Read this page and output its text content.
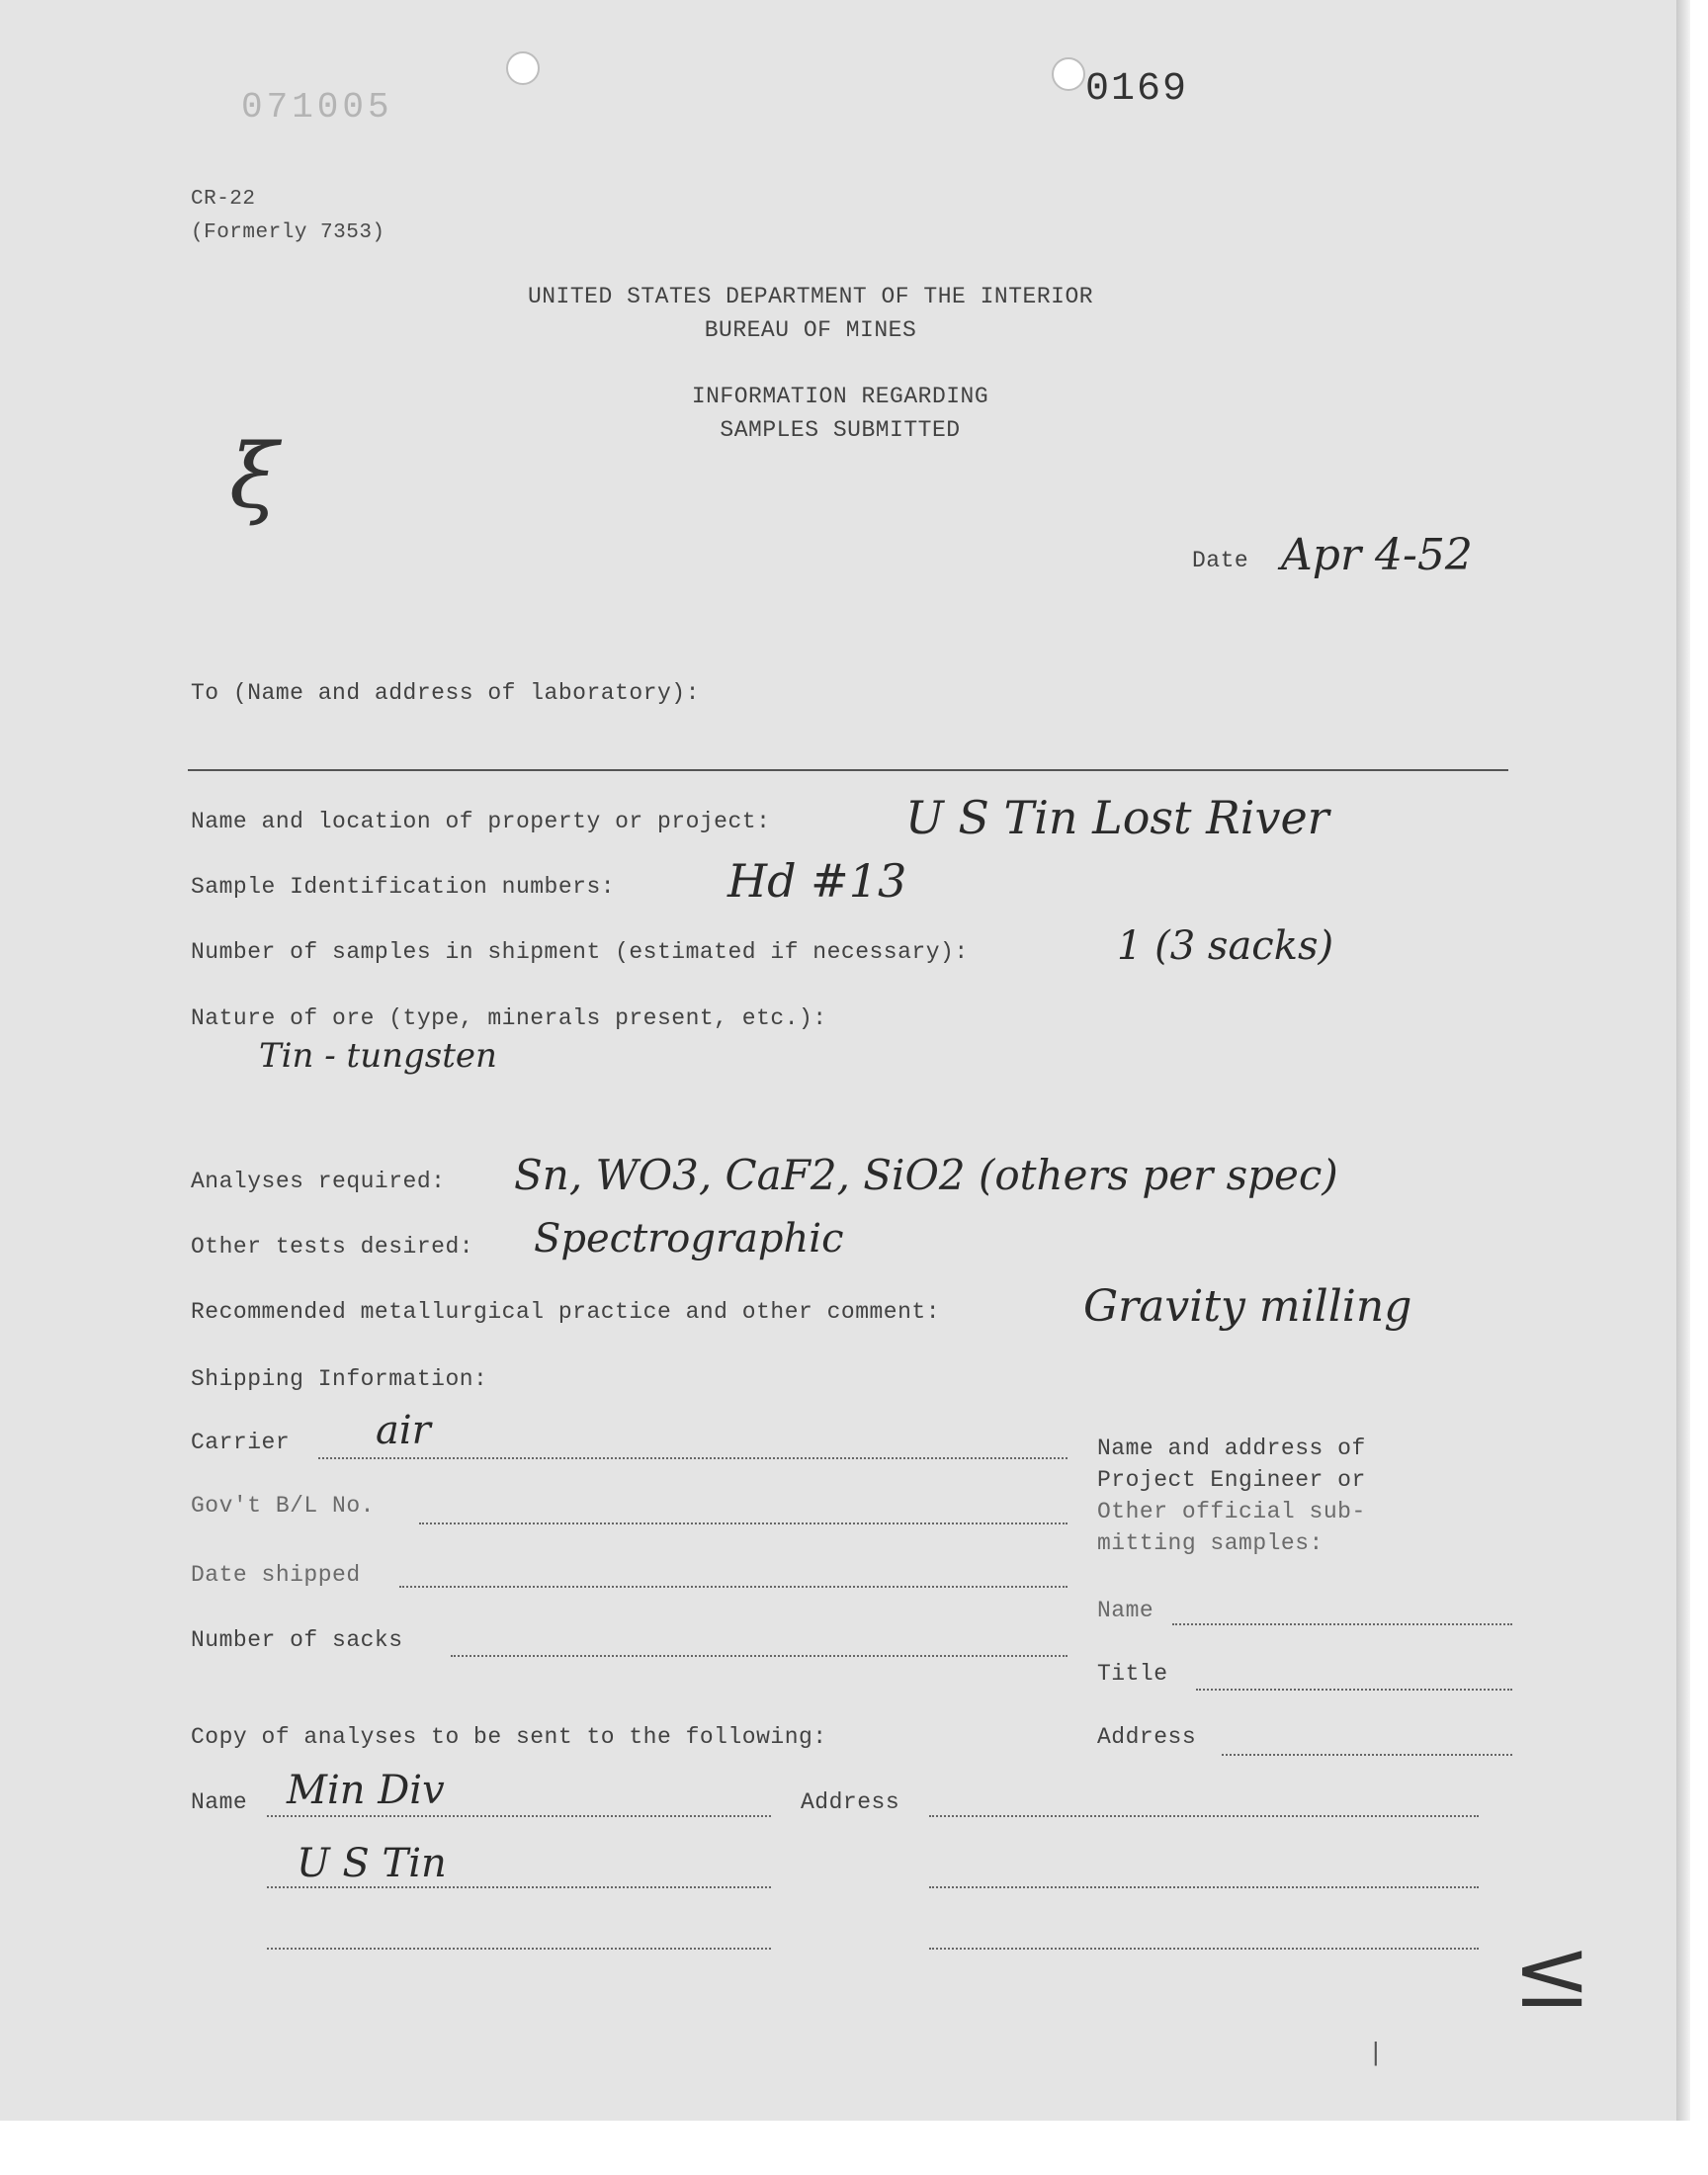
071005	0169
CR-22
(Formerly 7353)
UNITED STATES DEPARTMENT OF THE INTERIOR
BUREAU OF MINES
INFORMATION REGARDING
SAMPLES SUBMITTED
ξ
Date Apr 4-52
To (Name and address of laboratory):
Name and location of property or project:	U S Tin Lost River
Sample Identification numbers: Hd #13
Number of samples in shipment (estimated if necessary):	1 (3 sacks)
Nature of ore (type, minerals present, etc.):
Tin - tungsten
Analyses required: Sn, WO3, CaF2, SiO2 (others per spec)
Other tests desired: Spectrographic
Recommended metallurgical practice and other comment:	Gravity milling
Shipping Information:
Carrier air
Gov't B/L No.
Date shipped
Number of sacks
Name and address of
Project Engineer or
Other official sub-
mitting samples:
Name
Title
Address
Copy of analyses to be sent to the following:
Name Min Div	Address
U S Tin
≤
|
